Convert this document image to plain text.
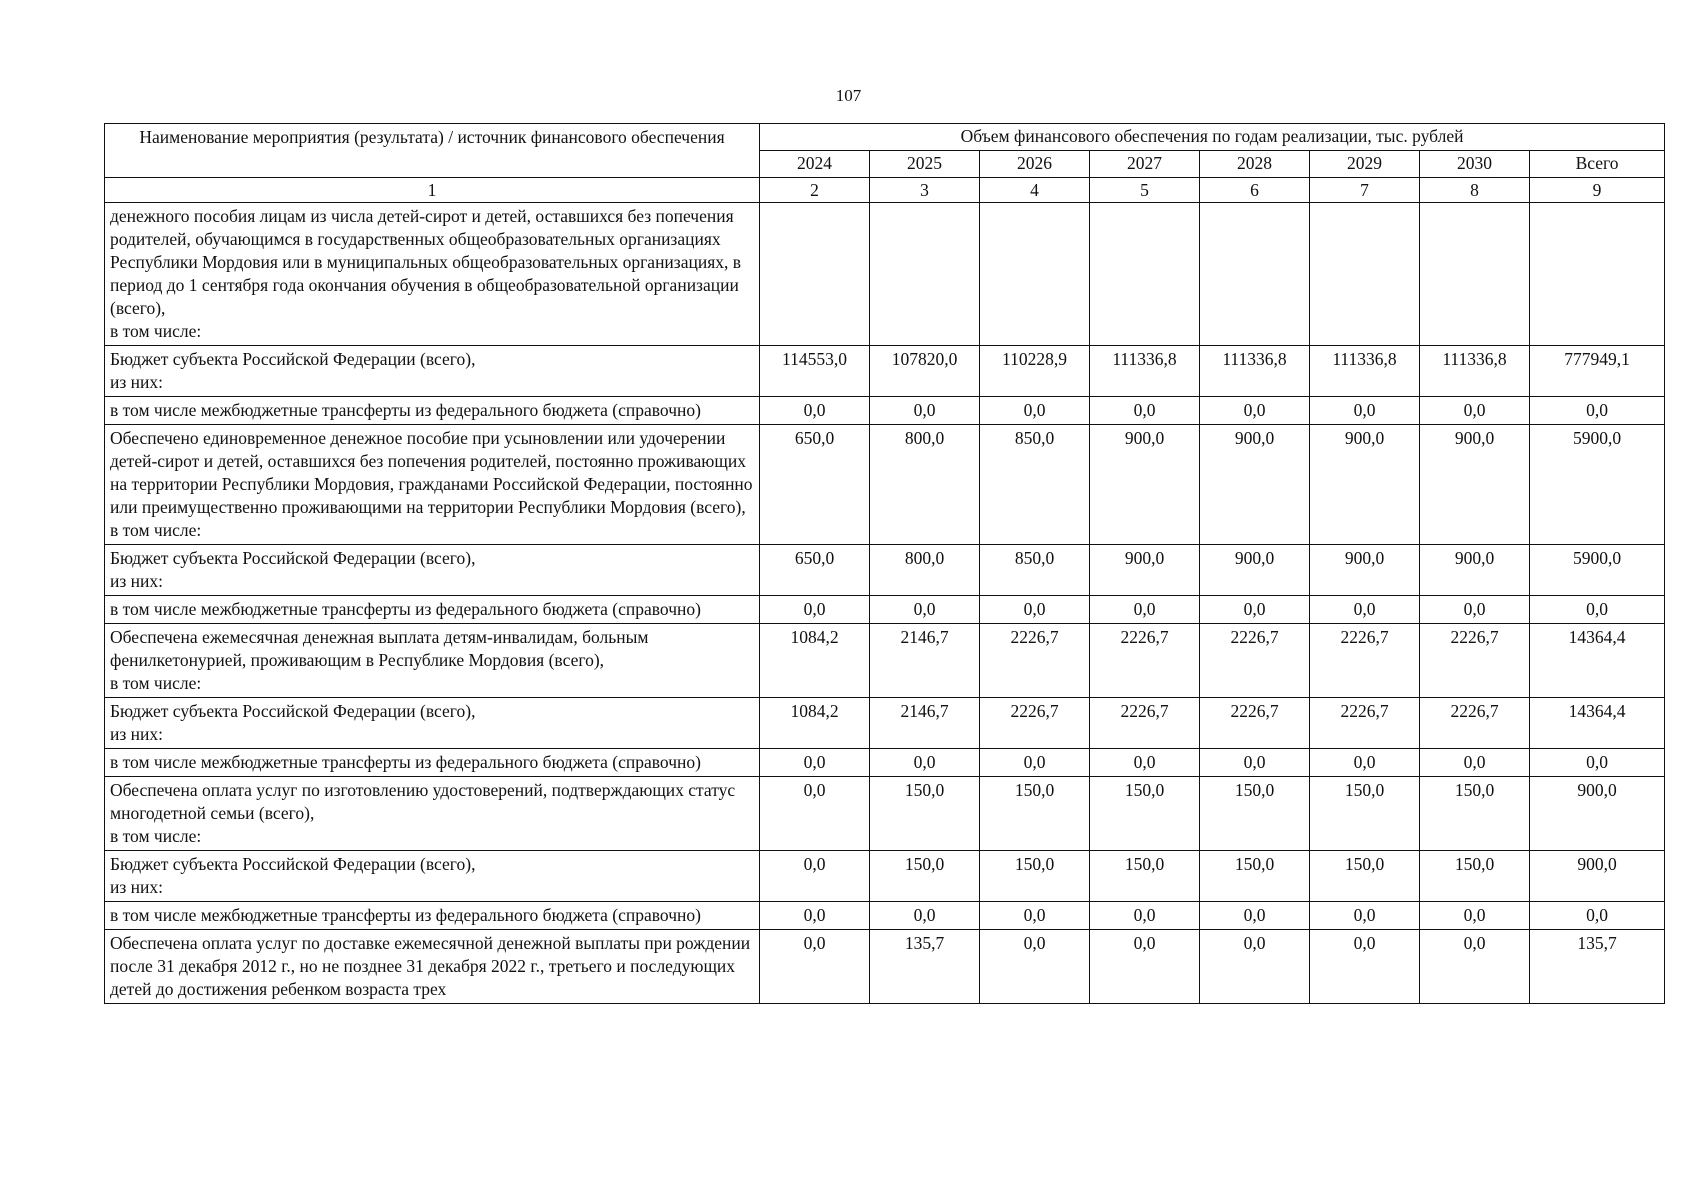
107
Наименование мероприятия (результата) / источник финансового обеспечения	Объем финансового обеспечения по годам реализации, тыс. рублей							
	2024	2025	2026	2027	2028	2029	2030	Всего
1	2	3	4	5	6	7	8	9
денежного пособия лицам из числа детей-сирот и детей, оставшихся без попечения родителей, обучающимся в государственных общеобразовательных организациях Республики Мордовия или в муниципальных общеобразовательных организациях, в период до 1 сентября года окончания обучения в общеобразовательной организации (всего),
в том числе:								
Бюджет субъекта Российской Федерации (всего),
из них:	114553,0	107820,0	110228,9	111336,8	111336,8	111336,8	111336,8	777949,1
в том числе межбюджетные трансферты из федерального бюджета (справочно)	0,0	0,0	0,0	0,0	0,0	0,0	0,0	0,0
Обеспечено единовременное денежное пособие при усыновлении или удочерении детей-сирот и детей, оставшихся без попечения родителей, постоянно проживающих на территории Республики Мордовия, гражданами Российской Федерации, постоянно или преимущественно проживающими на территории Республики Мордовия (всего),
в том числе:	650,0	800,0	850,0	900,0	900,0	900,0	900,0	5900,0
Бюджет субъекта Российской Федерации (всего),
из них:	650,0	800,0	850,0	900,0	900,0	900,0	900,0	5900,0
в том числе межбюджетные трансферты из федерального бюджета (справочно)	0,0	0,0	0,0	0,0	0,0	0,0	0,0	0,0
Обеспечена ежемесячная денежная выплата детям-инвалидам, больным фенилкетонурией, проживающим в Республике Мордовия (всего),
в том числе:	1084,2	2146,7	2226,7	2226,7	2226,7	2226,7	2226,7	14364,4
Бюджет субъекта Российской Федерации (всего),
из них:	1084,2	2146,7	2226,7	2226,7	2226,7	2226,7	2226,7	14364,4
в том числе межбюджетные трансферты из федерального бюджета (справочно)	0,0	0,0	0,0	0,0	0,0	0,0	0,0	0,0
Обеспечена оплата услуг по изготовлению удостоверений, подтверждающих статус многодетной семьи (всего),
в том числе:	0,0	150,0	150,0	150,0	150,0	150,0	150,0	900,0
Бюджет субъекта Российской Федерации (всего),
из них:	0,0	150,0	150,0	150,0	150,0	150,0	150,0	900,0
в том числе межбюджетные трансферты из федерального бюджета (справочно)	0,0	0,0	0,0	0,0	0,0	0,0	0,0	0,0
Обеспечена оплата услуг по доставке ежемесячной денежной выплаты при рождении после 31 декабря 2012 г., но не позднее 31 декабря 2022 г., третьего и последующих детей до достижения ребенком возраста трех	0,0	135,7	0,0	0,0	0,0	0,0	0,0	135,7
